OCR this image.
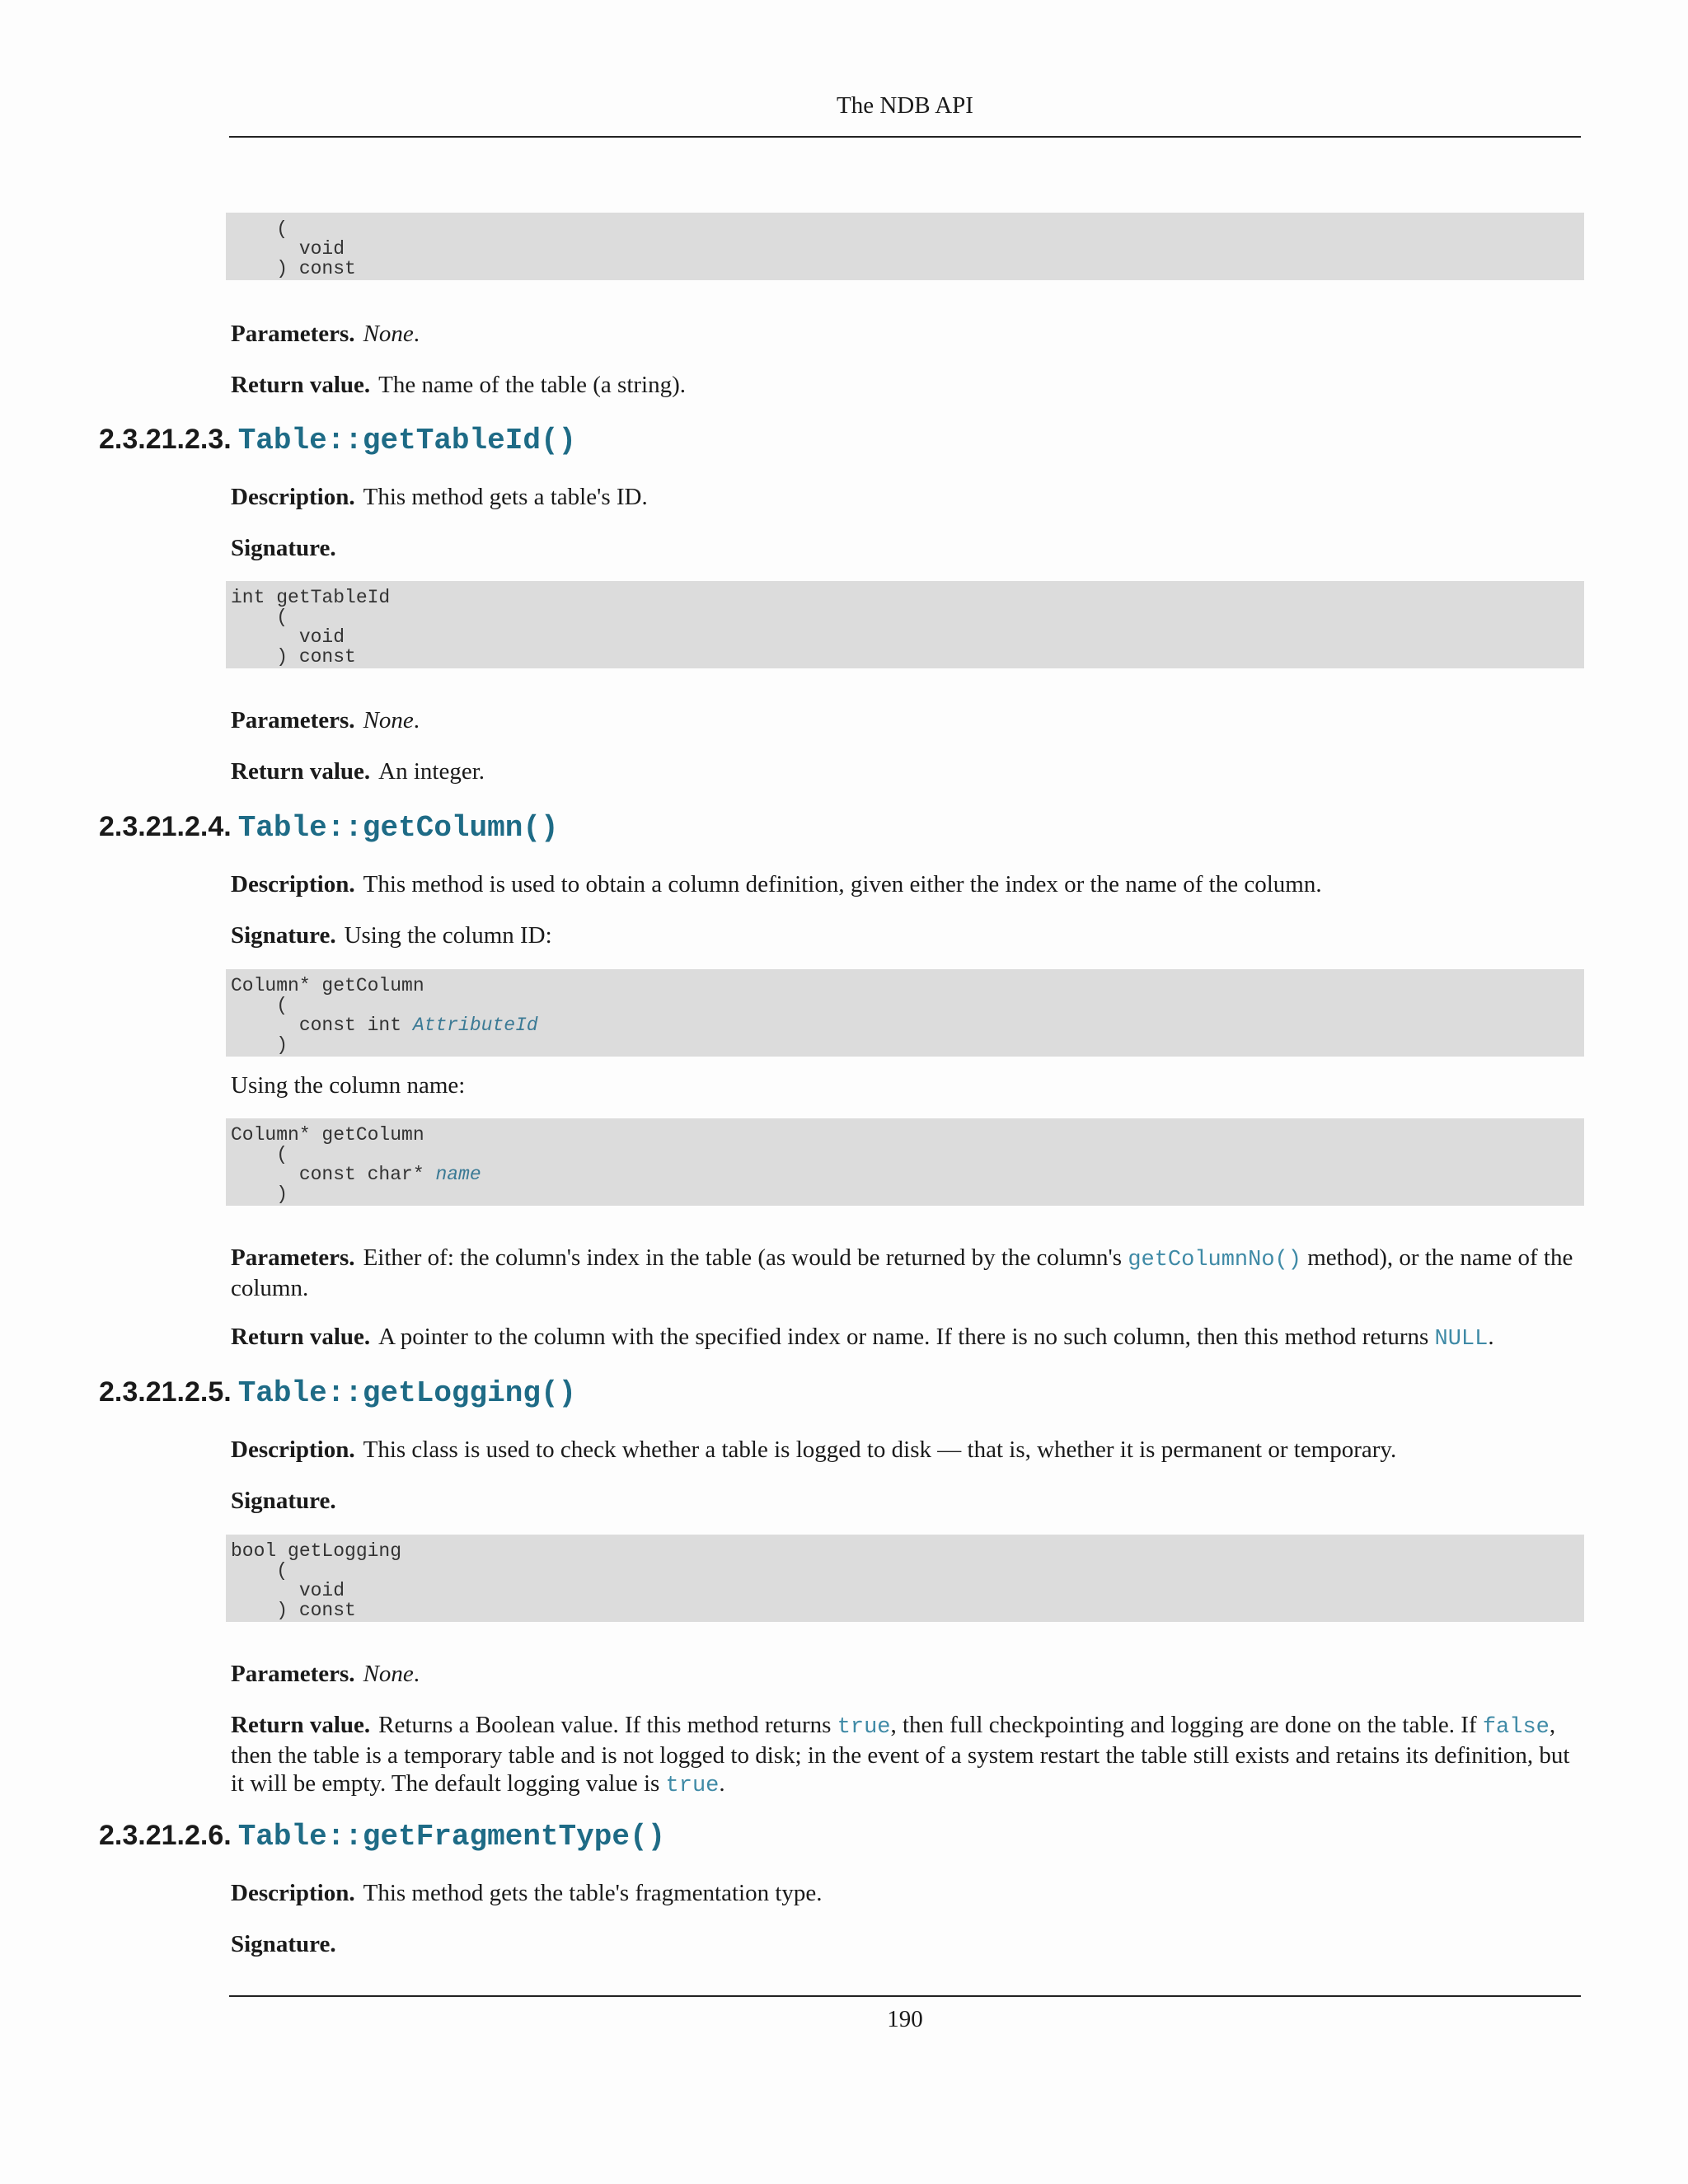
The NDB API
(
void
) const
Parameters. None.
Return value. The name of the table (a string).
2.3.21.2.3. Table::getTableId()
Description. This method gets a table's ID.
Signature.
int getTableId
(
void
) const
Parameters. None.
Return value. An integer.
2.3.21.2.4. Table::getColumn()
Description. This method is used to obtain a column definition, given either the index or the name of the column.
Signature. Using the column ID:
Column* getColumn
(
const int AttributeId
)
Using the column name:
Column* getColumn
(
const char* name
)
Parameters. Either of: the column's index in the table (as would be returned by the column's getColumnNo() method), or the name of the column.
Return value. A pointer to the column with the specified index or name. If there is no such column, then this method returns NULL.
2.3.21.2.5. Table::getLogging()
Description. This class is used to check whether a table is logged to disk — that is, whether it is permanent or temporary.
Signature.
bool getLogging
(
void
) const
Parameters. None.
Return value. Returns a Boolean value. If this method returns true, then full checkpointing and logging are done on the table. If false, then the table is a temporary table and is not logged to disk; in the event of a system restart the table still exists and retains its definition, but it will be empty. The default logging value is true.
2.3.21.2.6. Table::getFragmentType()
Description. This method gets the table's fragmentation type.
Signature.
190
